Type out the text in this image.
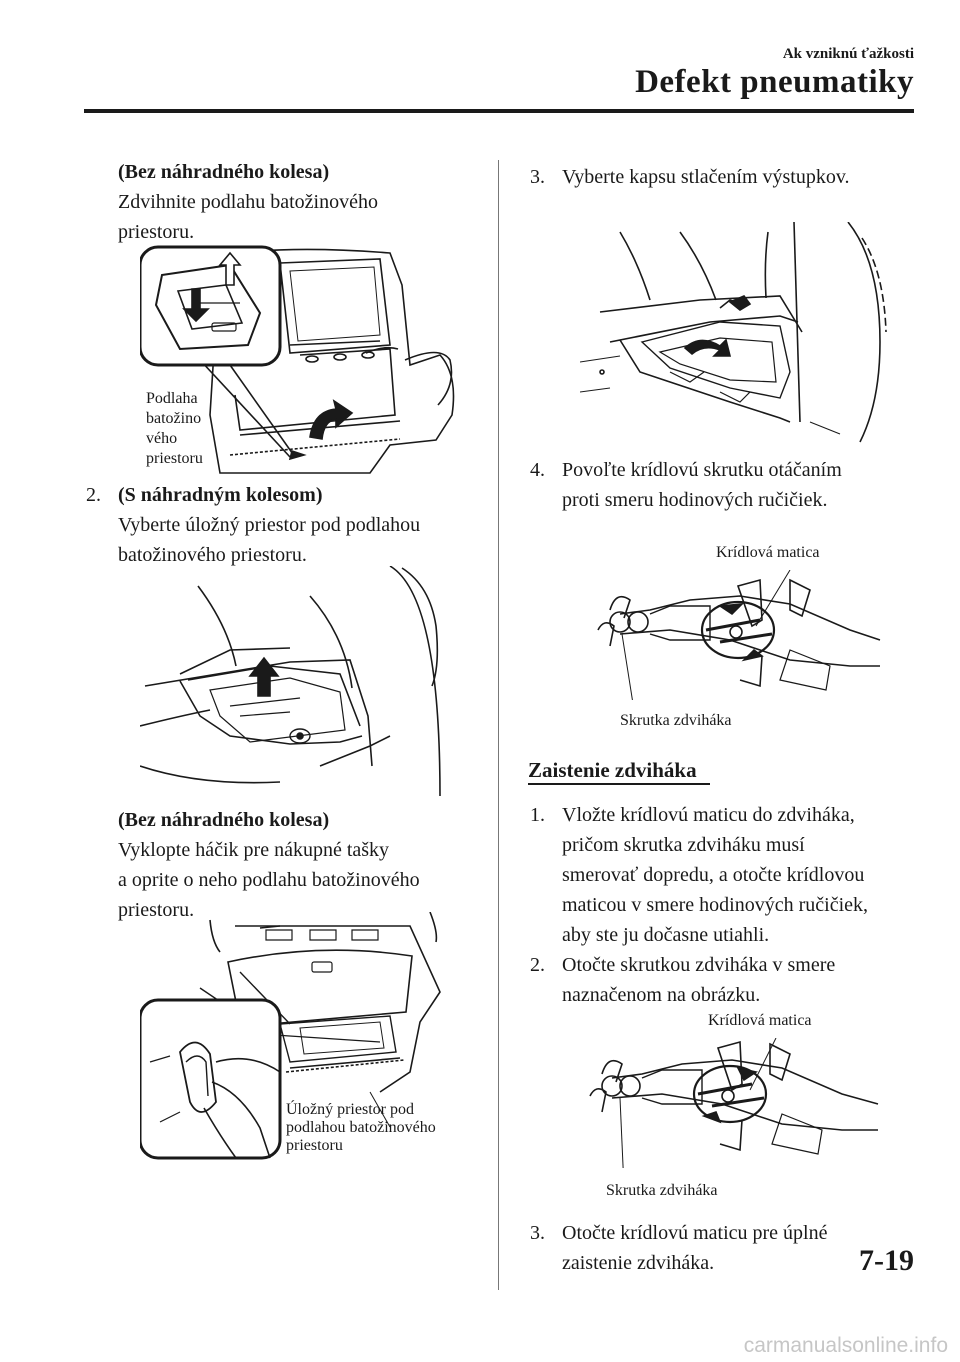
Ak vzniknú ťažkosti
Defekt pneumatiky
(Bez náhradného kolesa)
Zdvihnite podlahu batožinového
priestoru.
Podlaha
batožino
vého
priestoru
2. (S náhradným kolesom)
Vyberte úložný priestor pod podlahou
batožinového priestoru.
(Bez náhradného kolesa)
Vyklopte háčik pre nákupné tašky
a oprite o neho podlahu batožinového
priestoru.
Úložný priestor pod
podlahou batožinového
priestoru
3. Vyberte kapsu stlačením výstupkov.
4. Povoľte krídlovú skrutku otáčaním
proti smeru hodinových ručičiek.
Krídlová matica
Skrutka zdviháka
Zaistenie zdviháka
1. Vložte krídlovú maticu do zdviháka,
pričom skrutka zdviháku musí
smerovať dopredu, a otočte krídlovou
maticou v smere hodinových ručičiek,
aby ste ju dočasne utiahli.
2. Otočte skrutkou zdviháka v smere
naznačenom na obrázku.
Krídlová matica
Skrutka zdviháka
3. Otočte krídlovú maticu pre úplné
zaistenie zdviháka.	7-19
carmanualsonline.info
